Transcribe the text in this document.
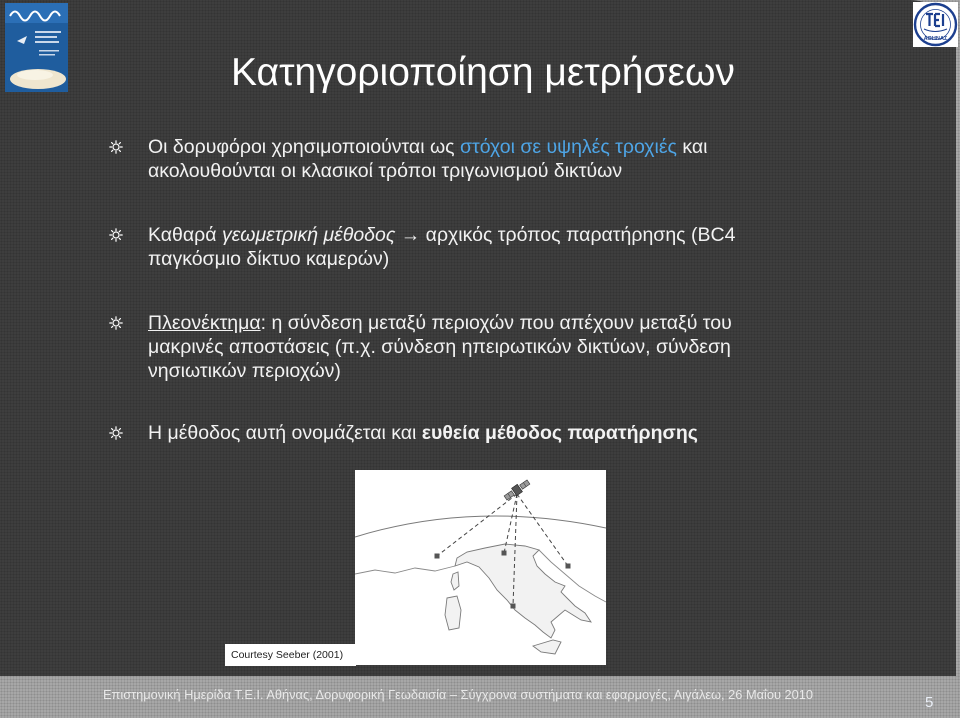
ΑΘΗΝΑΣ
Κατηγοριοποίηση μετρήσεων
Οι δορυφόροι χρησιμοποιούνται ως στόχοι σε υψηλές τροχιές και
ακολουθούνται οι κλασικοί τρόποι τριγωνισμού δικτύων
Καθαρά γεωμετρική μέθοδος → αρχικός τρόπος παρατήρησης (BC4
παγκόσμιο δίκτυο καμερών)
Πλεονέκτημα: η σύνδεση μεταξύ περιοχών που απέχουν μεταξύ του
μακρινές αποστάσεις (π.χ. σύνδεση ηπειρωτικών δικτύων, σύνδεση
νησιωτικών περιοχών)
Η μέθοδος αυτή ονομάζεται και ευθεία μέθοδος παρατήρησης
Courtesy Seeber (2001)
Επιστημονική Ημερίδα Τ.Ε.Ι. Αθήνας, Δορυφορική Γεωδαισία – Σύγχρονα συστήματα και εφαρμογές, Αιγάλεω, 26 Μαΐου 2010	5
